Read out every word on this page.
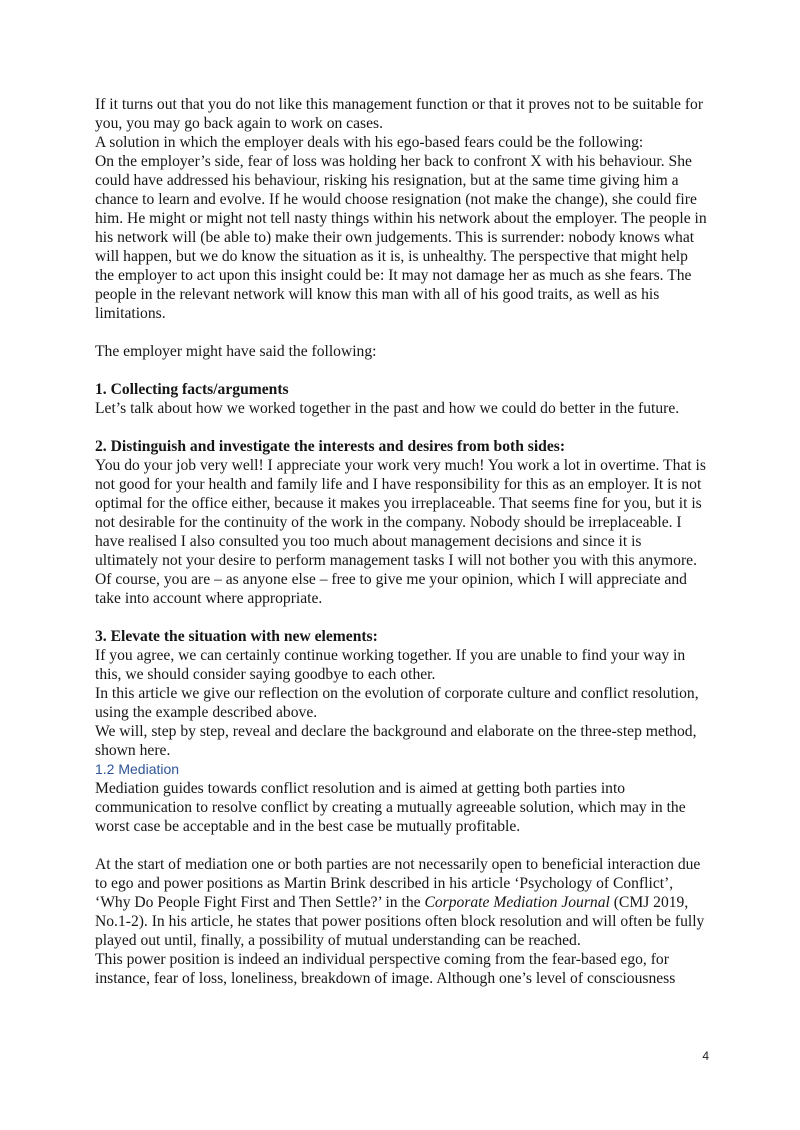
If it turns out that you do not like this management function or that it proves not to be suitable for you, you may go back again to work on cases.

A solution in which the employer deals with his ego-based fears could be the following:

On the employer’s side, fear of loss was holding her back to confront X with his behaviour. She could have addressed his behaviour, risking his resignation, but at the same time giving him a chance to learn and evolve. If he would choose resignation (not make the change), she could fire him. He might or might not tell nasty things within his network about the employer. The people in his network will (be able to) make their own judgements. This is surrender: nobody knows what will happen, but we do know the situation as it is, is unhealthy. The perspective that might help the employer to act upon this insight could be: It may not damage her as much as she fears. The people in the relevant network will know this man with all of his good traits, as well as his limitations.

The employer might have said the following:

1. Collecting facts/arguments

Let’s talk about how we worked together in the past and how we could do better in the future.

2. Distinguish and investigate the interests and desires from both sides:

You do your job very well! I appreciate your work very much! You work a lot in overtime. That is not good for your health and family life and I have responsibility for this as an employer. It is not optimal for the office either, because it makes you irreplaceable. That seems fine for you, but it is not desirable for the continuity of the work in the company. Nobody should be irreplaceable. I have realised I also consulted you too much about management decisions and since it is ultimately not your desire to perform management tasks I will not bother you with this anymore. Of course, you are – as anyone else – free to give me your opinion, which I will appreciate and take into account where appropriate.

3. Elevate the situation with new elements:

If you agree, we can certainly continue working together. If you are unable to find your way in this, we should consider saying goodbye to each other.

In this article we give our reflection on the evolution of corporate culture and conflict resolution, using the example described above.

We will, step by step, reveal and declare the background and elaborate on the three-step method, shown here.

1.2 Mediation

Mediation guides towards conflict resolution and is aimed at getting both parties into communication to resolve conflict by creating a mutually agreeable solution, which may in the worst case be acceptable and in the best case be mutually profitable.

At the start of mediation one or both parties are not necessarily open to beneficial interaction due to ego and power positions as Martin Brink described in his article ‘Psychology of Conflict’, ‘Why Do People Fight First and Then Settle?’ in the Corporate Mediation Journal (CMJ 2019, No.1-2). In his article, he states that power positions often block resolution and will often be fully played out until, finally, a possibility of mutual understanding can be reached.

This power position is indeed an individual perspective coming from the fear-based ego, for instance, fear of loss, loneliness, breakdown of image. Although one’s level of consciousness

4
